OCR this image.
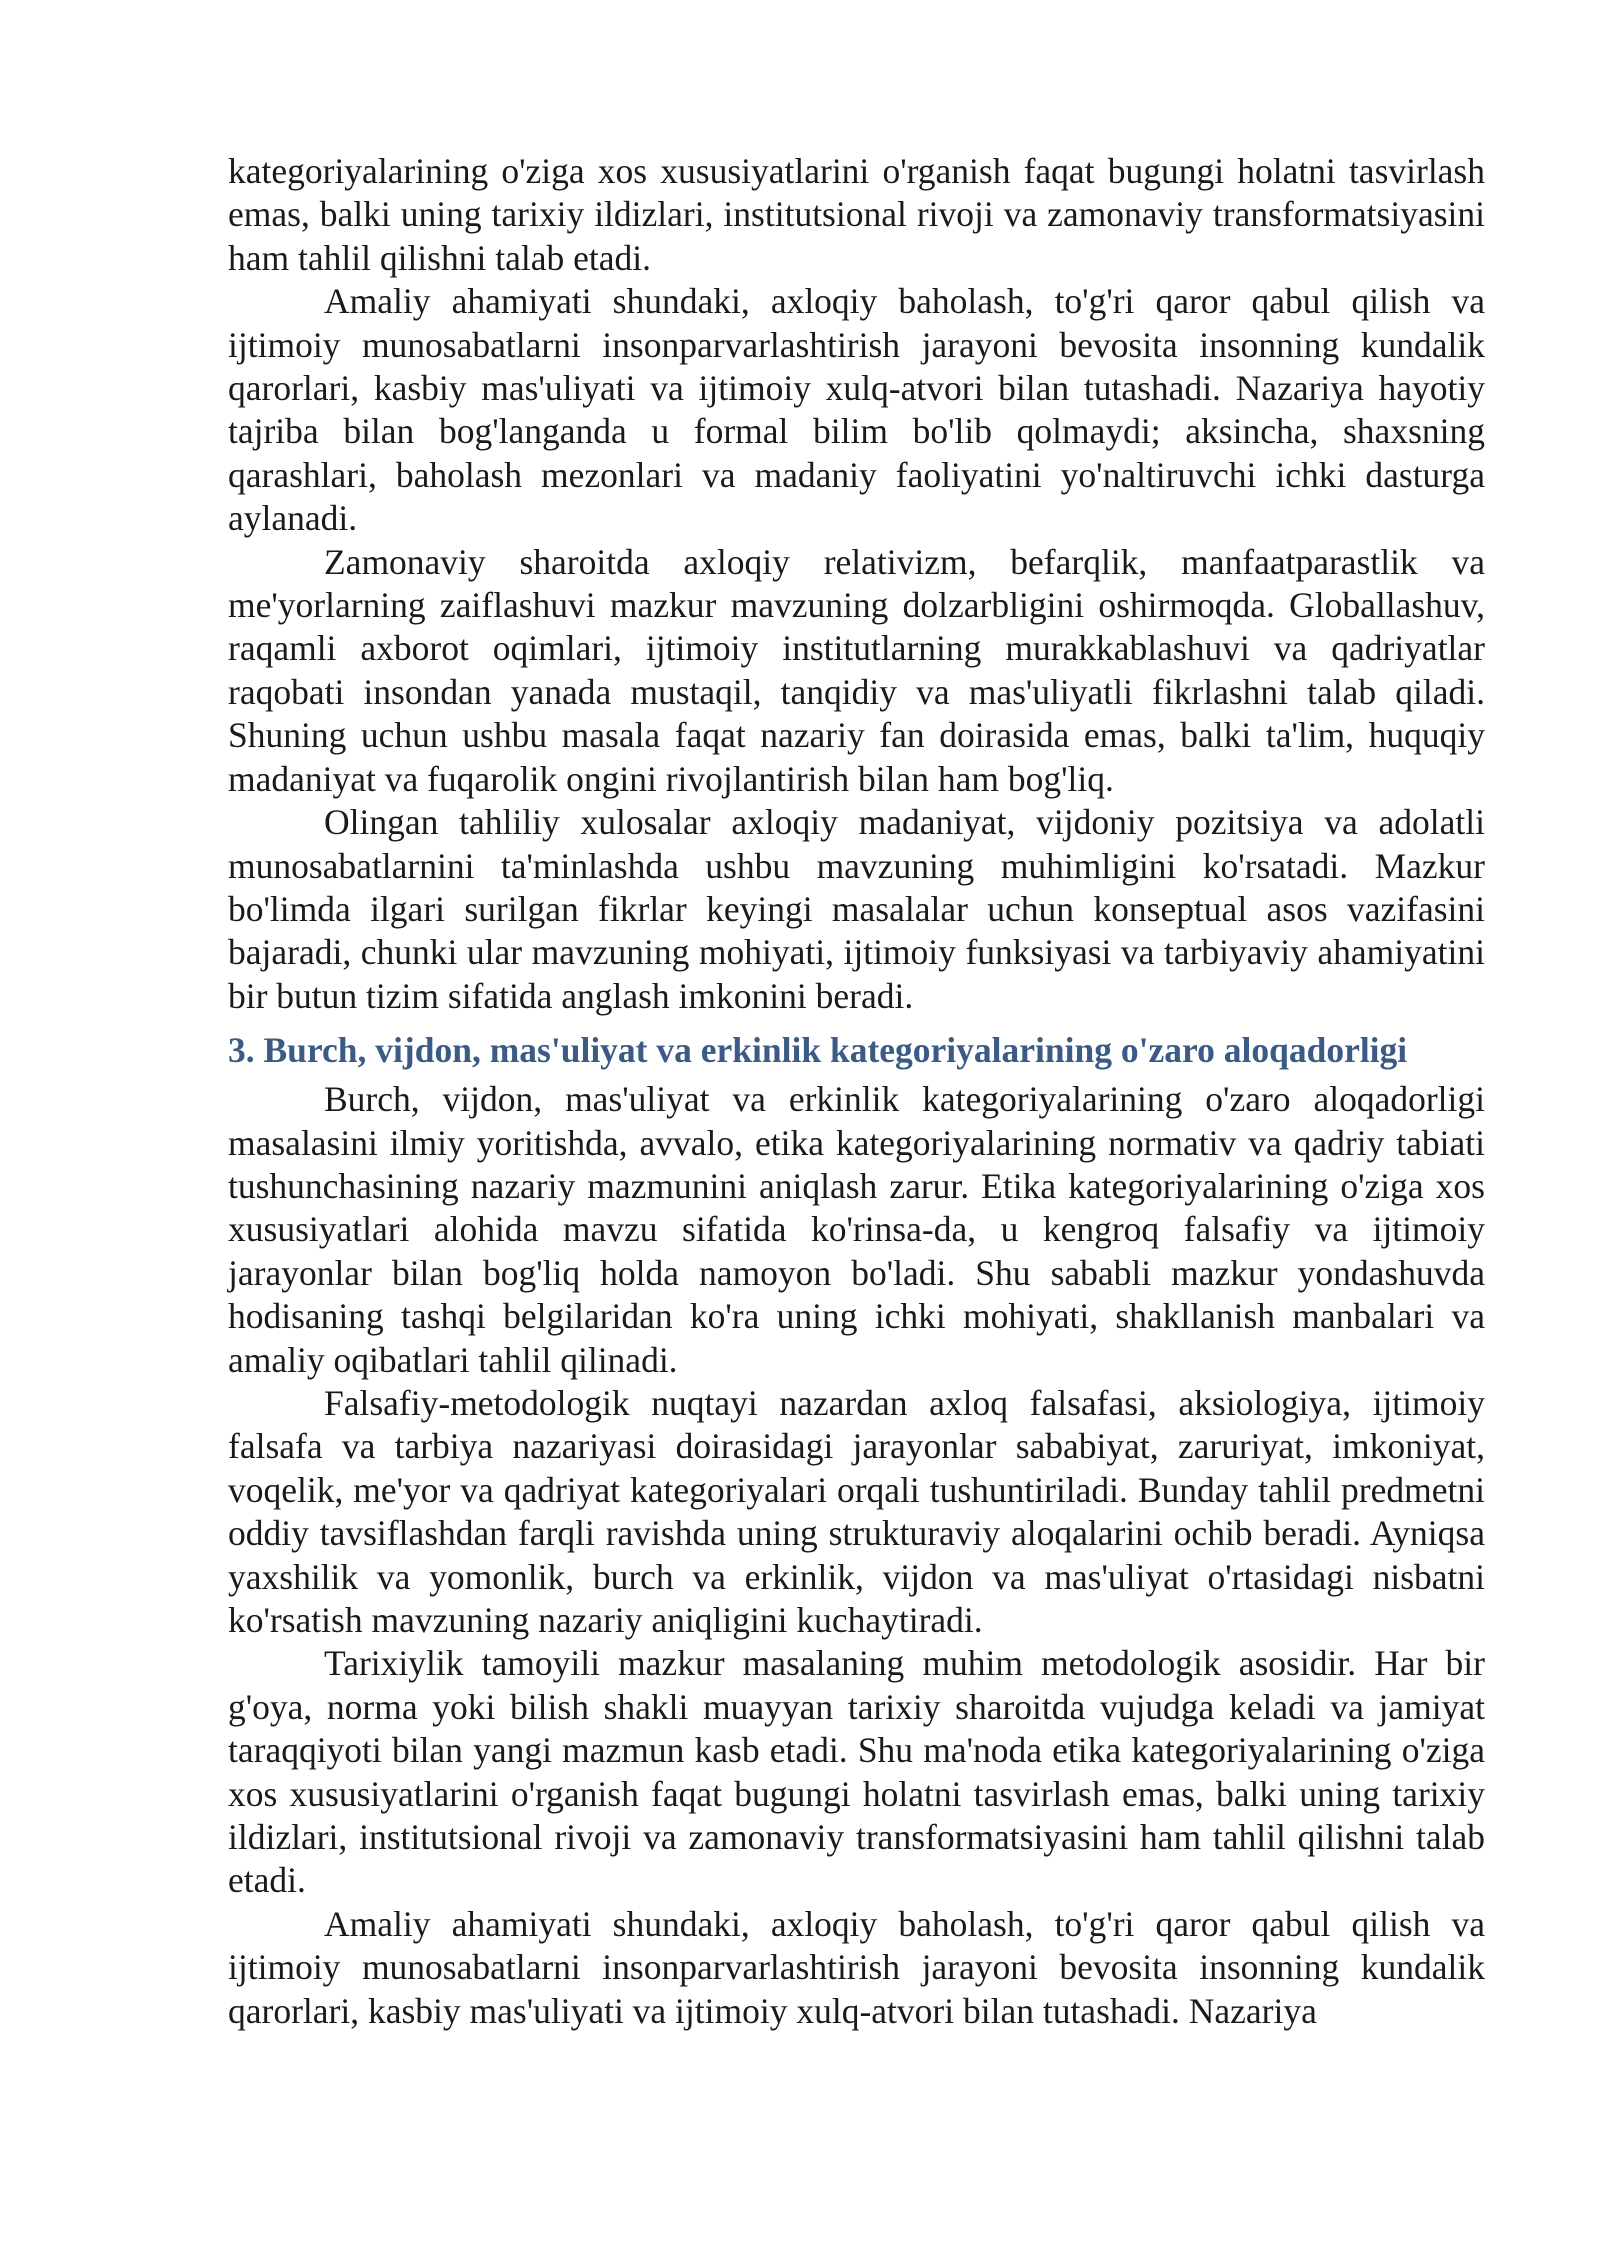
kategoriyalarining o'ziga xos xususiyatlarini o'rganish faqat bugungi holatni tasvirlash emas, balki uning tarixiy ildizlari, institutsional rivoji va zamonaviy transformatsiyasini ham tahlil qilishni talab etadi.

Amaliy ahamiyati shundaki, axloqiy baholash, to'g'ri qaror qabul qilish va ijtimoiy munosabatlarni insonparvarlashtirish jarayoni bevosita insonning kundalik qarorlari, kasbiy mas'uliyati va ijtimoiy xulq-atvori bilan tutashadi. Nazariya hayotiy tajriba bilan bog'langanda u formal bilim bo'lib qolmaydi; aksincha, shaxsning qarashlari, baholash mezonlari va madaniy faoliyatini yo'naltiruvchi ichki dasturga aylanadi.

Zamonaviy sharoitda axloqiy relativizm, befarqlik, manfaatparastlik va me'yorlarning zaiflashuvi mazkur mavzuning dolzarbligini oshirmoqda. Globallashuv, raqamli axborot oqimlari, ijtimoiy institutlarning murakkablashuvi va qadriyatlar raqobati insondan yanada mustaqil, tanqidiy va mas'uliyatli fikrlashni talab qiladi. Shuning uchun ushbu masala faqat nazariy fan doirasida emas, balki ta'lim, huquqiy madaniyat va fuqarolik ongini rivojlantirish bilan ham bog'liq.

Olingan tahliliy xulosalar axloqiy madaniyat, vijdoniy pozitsiya va adolatli munosabatlarnini ta'minlashda ushbu mavzuning muhimligini ko'rsatadi. Mazkur bo'limda ilgari surilgan fikrlar keyingi masalalar uchun konseptual asos vazifasini bajaradi, chunki ular mavzuning mohiyati, ijtimoiy funksiyasi va tarbiyaviy ahamiyatini bir butun tizim sifatida anglash imkonini beradi.

3. Burch, vijdon, mas'uliyat va erkinlik kategoriyalarining o'zaro aloqadorligi

Burch, vijdon, mas'uliyat va erkinlik kategoriyalarining o'zaro aloqadorligi masalasini ilmiy yoritishda, avvalo, etika kategoriyalarining normativ va qadriy tabiati tushunchasining nazariy mazmunini aniqlash zarur. Etika kategoriyalarining o'ziga xos xususiyatlari alohida mavzu sifatida ko'rinsa-da, u kengroq falsafiy va ijtimoiy jarayonlar bilan bog'liq holda namoyon bo'ladi. Shu sababli mazkur yondashuvda hodisaning tashqi belgilaridan ko'ra uning ichki mohiyati, shakllanish manbalari va amaliy oqibatlari tahlil qilinadi.

Falsafiy-metodologik nuqtayi nazardan axloq falsafasi, aksiologiya, ijtimoiy falsafa va tarbiya nazariyasi doirasidagi jarayonlar sababiyat, zaruriyat, imkoniyat, voqelik, me'yor va qadriyat kategoriyalari orqali tushuntiriladi. Bunday tahlil predmetni oddiy tavsiflashdan farqli ravishda uning strukturaviy aloqalarini ochib beradi. Ayniqsa yaxshilik va yomonlik, burch va erkinlik, vijdon va mas'uliyat o'rtasidagi nisbatni ko'rsatish mavzuning nazariy aniqligini kuchaytiradi.

Tarixiylik tamoyili mazkur masalaning muhim metodologik asosidir. Har bir g'oya, norma yoki bilish shakli muayyan tarixiy sharoitda vujudga keladi va jamiyat taraqqiyoti bilan yangi mazmun kasb etadi. Shu ma'noda etika kategoriyalarining o'ziga xos xususiyatlarini o'rganish faqat bugungi holatni tasvirlash emas, balki uning tarixiy ildizlari, institutsional rivoji va zamonaviy transformatsiyasini ham tahlil qilishni talab etadi.

Amaliy ahamiyati shundaki, axloqiy baholash, to'g'ri qaror qabul qilish va ijtimoiy munosabatlarni insonparvarlashtirish jarayoni bevosita insonning kundalik qarorlari, kasbiy mas'uliyati va ijtimoiy xulq-atvori bilan tutashadi. Nazariya
